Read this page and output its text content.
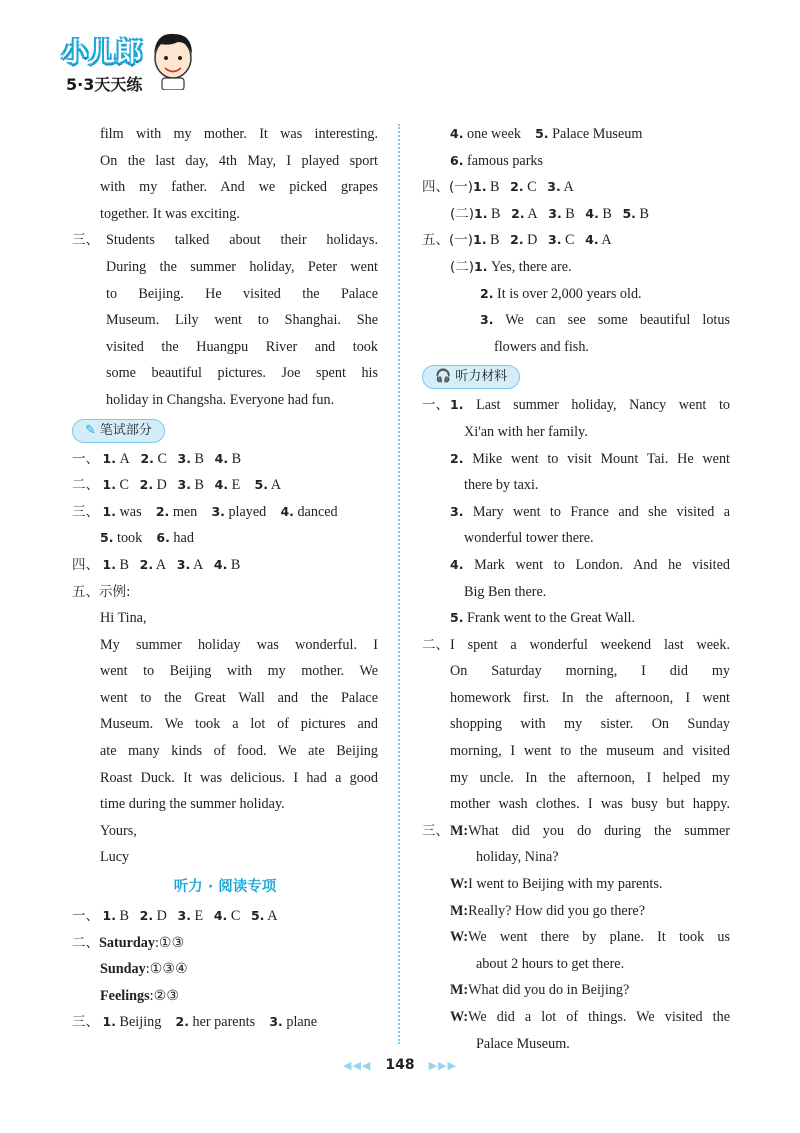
小儿郎
5·3天天练
film with my mother. It was interesting.
On the last day, 4th May, I played sport
with my father. And we picked grapes
together. It was exciting.
三、 Students talked about their holidays.
During the summer holiday, Peter went
to Beijing. He visited the Palace
Museum. Lily went to Shanghai. She
visited the Huangpu River and took
some beautiful pictures. Joe spent his
holiday in Changsha. Everyone had fun.
✎ 笔试部分
一、 1. A 2. C 3. B 4. B
二、 1. C 2. D 3. B 4. E 5. A
三、 1. was 2. men 3. played 4. danced
5. took 6. had
四、 1. B 2. A 3. A 4. B
五、示例:
Hi Tina,
My summer holiday was wonderful. I
went to Beijing with my mother. We
went to the Great Wall and the Palace
Museum. We took a lot of pictures and
ate many kinds of food. We ate Beijing
Roast Duck. It was delicious. I had a good
time during the summer holiday.
Yours,
Lucy
听力 · 阅读专项
一、 1. B 2. D 3. E 4. C 5. A
二、Saturday:①③
Sunday:①③④
Feelings:②③
三、 1. Beijing 2. her parents 3. plane
4. one week 5. Palace Museum
6. famous parks
四、(一)1. B 2. C 3. A
(二)1. B 2. A 3. B 4. B 5. B
五、(一)1. B 2. D 3. C 4. A
(二)1. Yes, there are.
2. It is over 2,000 years old.
3. We can see some beautiful lotus
flowers and fish.
🎧 听力材料
一、 1. Last summer holiday, Nancy went to
Xi'an with her family.
2. Mike went to visit Mount Tai. He went
there by taxi.
3. Mary went to France and she visited a
wonderful tower there.
4. Mark went to London. And he visited
Big Ben there.
5. Frank went to the Great Wall.
二、 I spent a wonderful weekend last week.
On Saturday morning, I did my
homework first. In the afternoon, I went
shopping with my sister. On Sunday
morning, I went to the museum and visited
my uncle. In the afternoon, I helped my
mother wash clothes. I was busy but happy.
三、 M:What did you do during the summer
holiday, Nina?
W:I went to Beijing with my parents.
M:Really? How did you go there?
W:We went there by plane. It took us
about 2 hours to get there.
M:What did you do in Beijing?
W:We did a lot of things. We visited the
Palace Museum.
◀◀◀ 148 ▶▶▶
